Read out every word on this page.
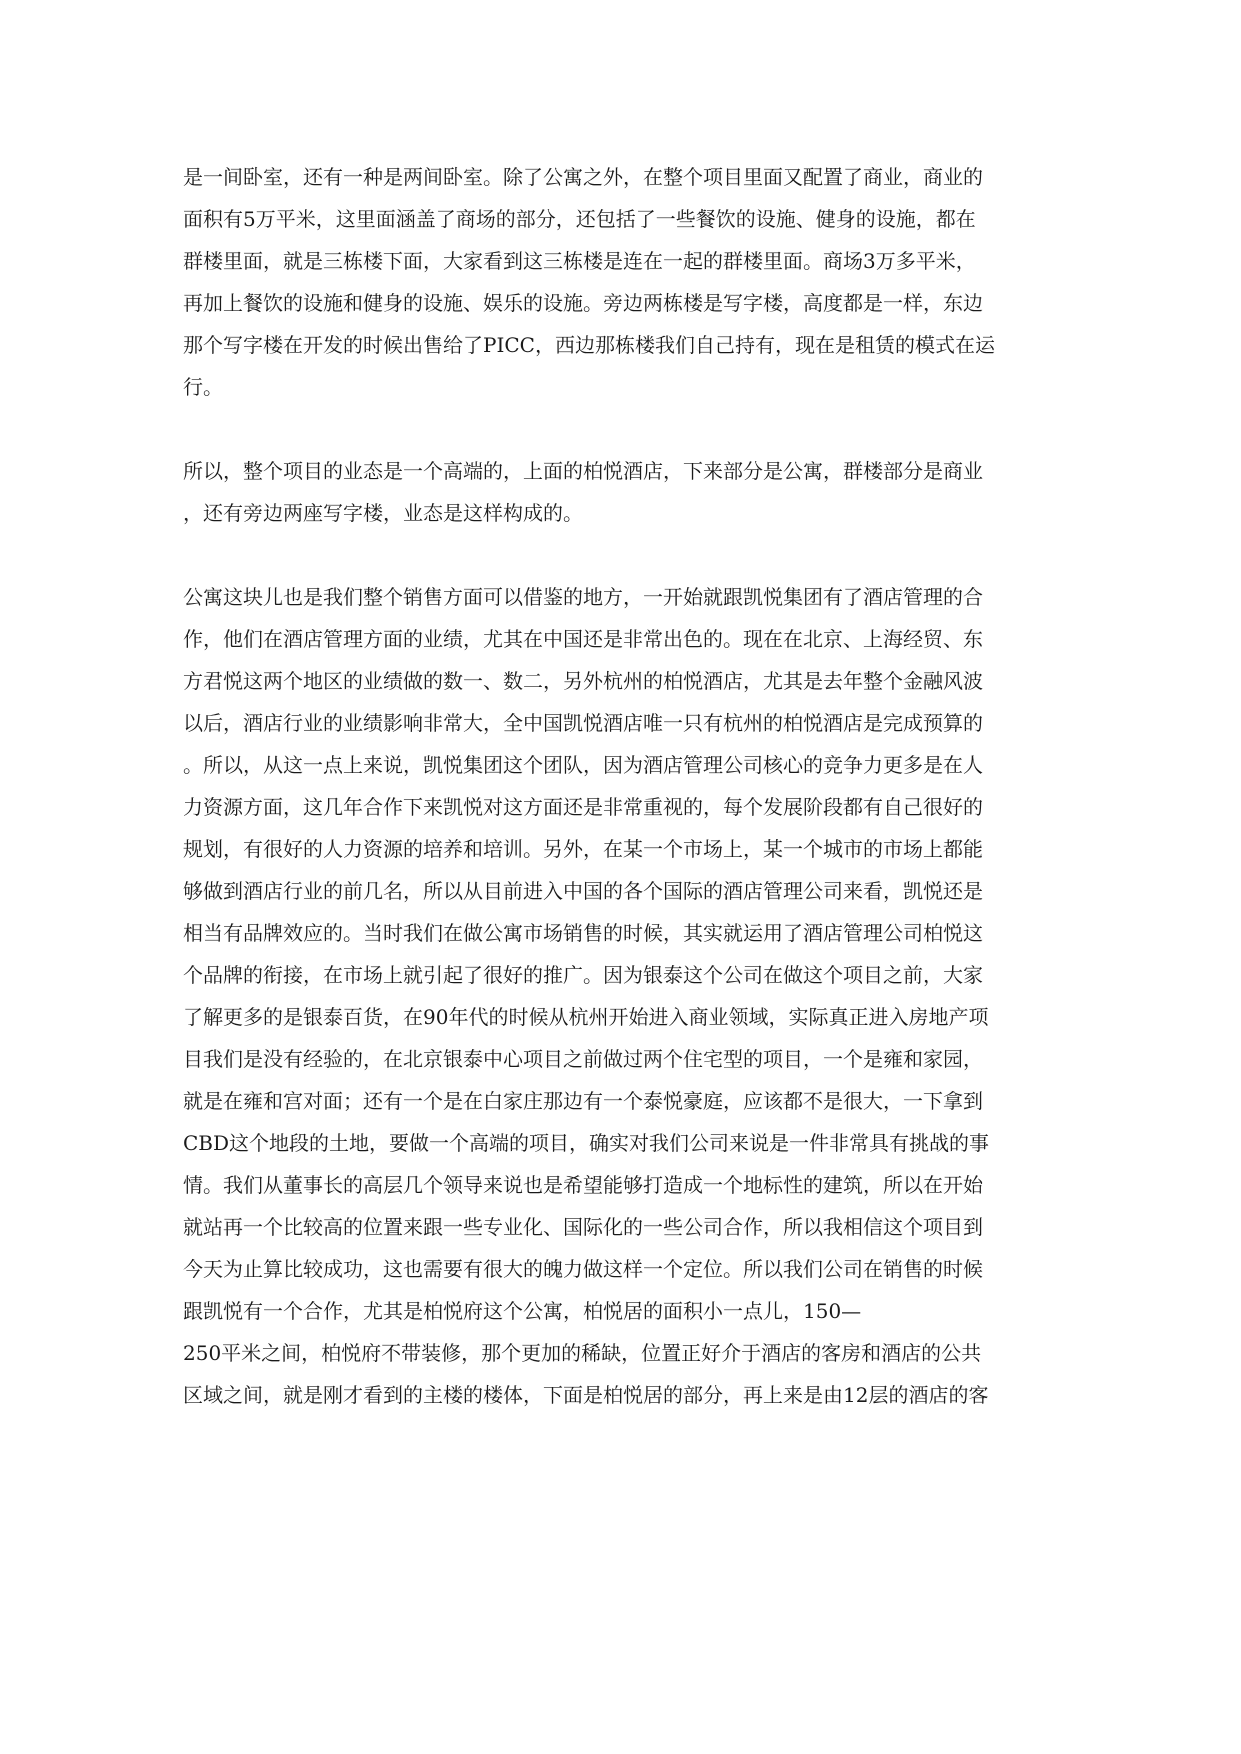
是一间卧室，还有一种是两间卧室。除了公寓之外，在整个项目里面又配置了商业，商业的

面积有5万平米，这里面涵盖了商场的部分，还包括了一些餐饮的设施、健身的设施，都在

群楼里面，就是三栋楼下面，大家看到这三栋楼是连在一起的群楼里面。商场3万多平米，

再加上餐饮的设施和健身的设施、娱乐的设施。旁边两栋楼是写字楼，高度都是一样，东边

那个写字楼在开发的时候出售给了PICC，西边那栋楼我们自己持有，现在是租赁的模式在运

行。

所以，整个项目的业态是一个高端的，上面的柏悦酒店，下来部分是公寓，群楼部分是商业

，还有旁边两座写字楼，业态是这样构成的。

公寓这块儿也是我们整个销售方面可以借鉴的地方，一开始就跟凯悦集团有了酒店管理的合

作，他们在酒店管理方面的业绩，尤其在中国还是非常出色的。现在在北京、上海经贸、东

方君悦这两个地区的业绩做的数一、数二，另外杭州的柏悦酒店，尤其是去年整个金融风波

以后，酒店行业的业绩影响非常大，全中国凯悦酒店唯一只有杭州的柏悦酒店是完成预算的

。所以，从这一点上来说，凯悦集团这个团队，因为酒店管理公司核心的竞争力更多是在人

力资源方面，这几年合作下来凯悦对这方面还是非常重视的，每个发展阶段都有自己很好的

规划，有很好的人力资源的培养和培训。另外，在某一个市场上，某一个城市的市场上都能

够做到酒店行业的前几名，所以从目前进入中国的各个国际的酒店管理公司来看，凯悦还是

相当有品牌效应的。当时我们在做公寓市场销售的时候，其实就运用了酒店管理公司柏悦这

个品牌的衔接，在市场上就引起了很好的推广。因为银泰这个公司在做这个项目之前，大家

了解更多的是银泰百货，在90年代的时候从杭州开始进入商业领域，实际真正进入房地产项

目我们是没有经验的，在北京银泰中心项目之前做过两个住宅型的项目，一个是雍和家园，

就是在雍和宫对面；还有一个是在白家庄那边有一个泰悦豪庭，应该都不是很大，一下拿到

CBD这个地段的土地，要做一个高端的项目，确实对我们公司来说是一件非常具有挑战的事

情。我们从董事长的高层几个领导来说也是希望能够打造成一个地标性的建筑，所以在开始

就站再一个比较高的位置来跟一些专业化、国际化的一些公司合作，所以我相信这个项目到

今天为止算比较成功，这也需要有很大的魄力做这样一个定位。所以我们公司在销售的时候

跟凯悦有一个合作，尤其是柏悦府这个公寓，柏悦居的面积小一点儿，150—

250平米之间，柏悦府不带装修，那个更加的稀缺，位置正好介于酒店的客房和酒店的公共

区域之间，就是刚才看到的主楼的楼体，下面是柏悦居的部分，再上来是由12层的酒店的客
